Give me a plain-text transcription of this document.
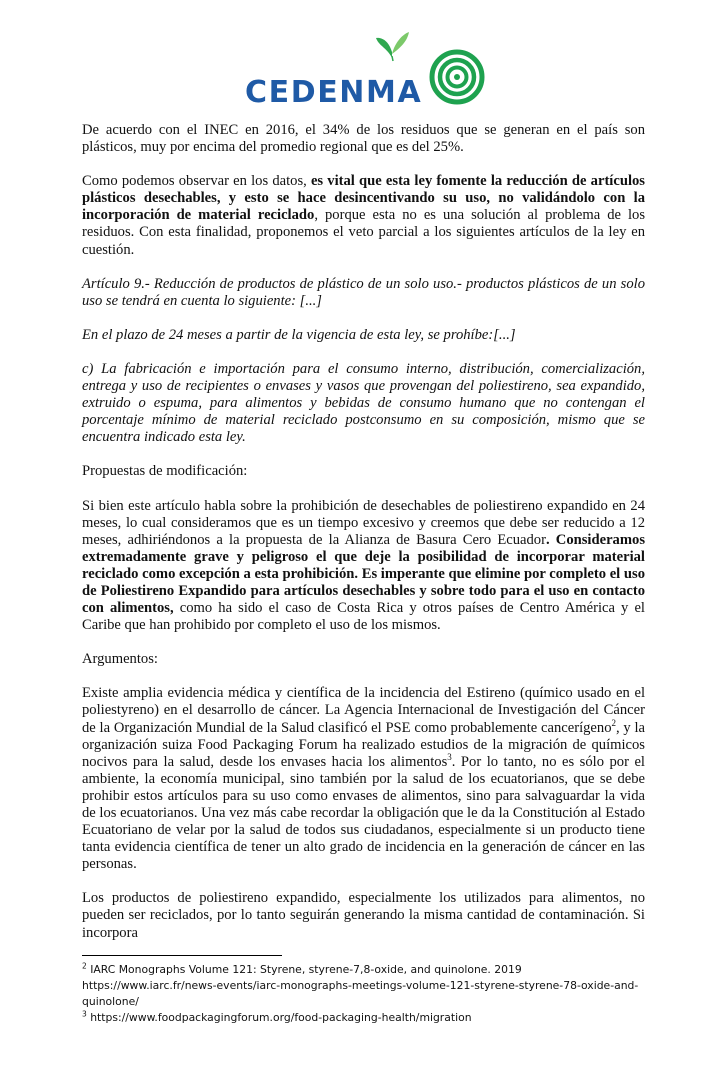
CEDENMA

De acuerdo con el INEC en 2016, el 34% de los residuos que se generan en el país son plásticos, muy por encima del promedio regional que es del 25%.

Como podemos observar en los datos, es vital que esta ley fomente la reducción de artículos plásticos desechables, y esto se hace desincentivando su uso, no validándolo con la incorporación de material reciclado, porque esta no es una solución al problema de los residuos. Con esta finalidad, proponemos el veto parcial a los siguientes artículos de la ley en cuestión.

Artículo 9.- Reducción de productos de plástico de un solo uso.- productos plásticos de un solo uso se tendrá en cuenta lo siguiente: [...]

En el plazo de 24 meses a partir de la vigencia de esta ley, se prohíbe:[...]

c) La fabricación e importación para el consumo interno, distribución, comercialización, entrega y uso de recipientes o envases y vasos que provengan del poliestireno, sea expandido, extruido o espuma, para alimentos y bebidas de consumo humano que no contengan el porcentaje mínimo de material reciclado postconsumo en su composición, mismo que se encuentra indicado esta ley.

Propuestas de modificación:

Si bien este artículo habla sobre la prohibición de desechables de poliestireno expandido en 24 meses, lo cual consideramos que es un tiempo excesivo y creemos que debe ser reducido a 12 meses, adhiriéndonos a la propuesta de la Alianza de Basura Cero Ecuador. Consideramos extremadamente grave y peligroso el que deje la posibilidad de incorporar material reciclado como excepción a esta prohibición. Es imperante que elimine por completo el uso de Poliestireno Expandido para artículos desechables y sobre todo para el uso en contacto con alimentos, como ha sido el caso de Costa Rica y otros países de Centro América y el Caribe que han prohibido por completo el uso de los mismos.

Argumentos:

Existe amplia evidencia médica y científica de la incidencia del Estireno (químico usado en el poliestyreno) en el desarrollo de cáncer. La Agencia Internacional de Investigación del Cáncer de la Organización Mundial de la Salud clasificó el PSE como probablemente cancerígeno$^2$, y la organización suiza Food Packaging Forum ha realizado estudios de la migración de químicos nocivos para la salud, desde los envases hacia los alimentos$^3$. Por lo tanto, no es sólo por el ambiente, la economía municipal, sino también por la salud de los ecuatorianos, que se debe prohibir estos artículos para su uso como envases de alimentos, sino para salvaguardar la vida de los ecuatorianos. Una vez más cabe recordar la obligación que le da la Constitución al Estado Ecuatoriano de velar por la salud de todos sus ciudadanos, especialmente si un producto tiene tanta evidencia científica de tener un alto grado de incidencia en la generación de cáncer en las personas.

Los productos de poliestireno expandido, especialmente los utilizados para alimentos, no pueden ser reciclados, por lo tanto seguirán generando la misma cantidad de contaminación. Si incorpora

$^2$ IARC Monographs Volume 121: Styrene, styrene-7,8-oxide, and quinolone. 2019
https://www.iarc.fr/news-events/iarc-monographs-meetings-volume-121-styrene-styrene-78-oxide-and-quinolone/
$^3$ https://www.foodpackagingforum.org/food-packaging-health/migration
